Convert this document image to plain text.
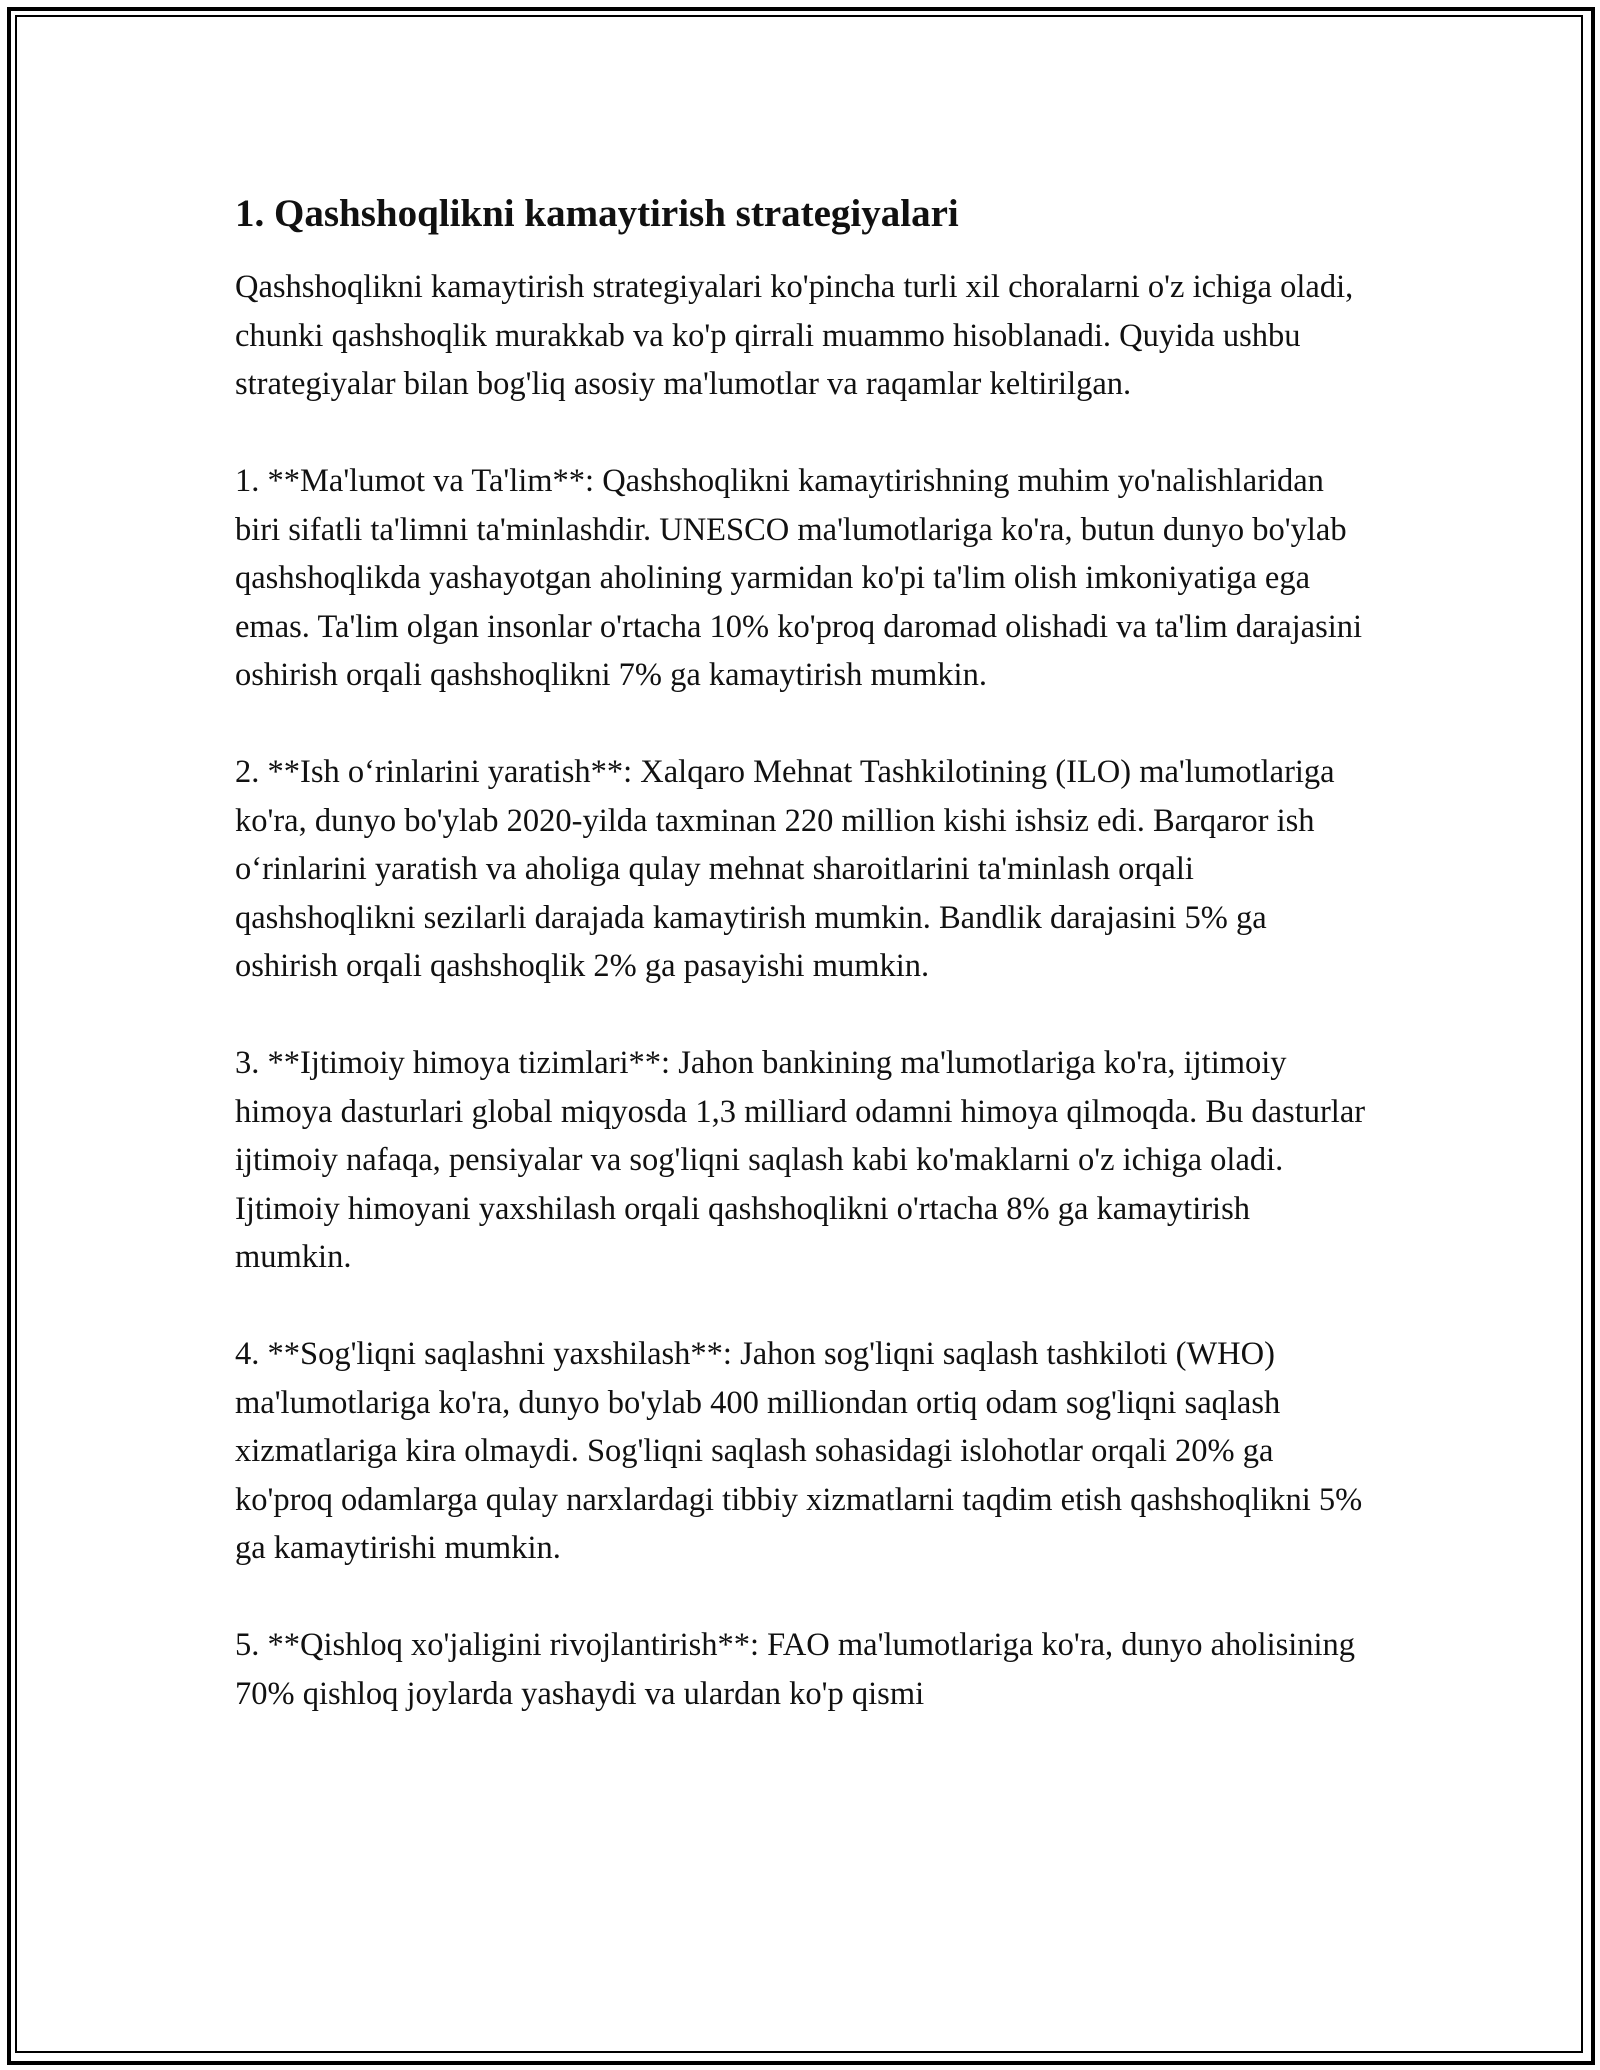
1. Qashshoqlikni kamaytirish strategiyalari

Qashshoqlikni kamaytirish strategiyalari ko'pincha turli xil choralarni o'z ichiga oladi, chunki qashshoqlik murakkab va ko'p qirrali muammo hisoblanadi. Quyida ushbu strategiyalar bilan bog'liq asosiy ma'lumotlar va raqamlar keltirilgan.

1. **Ma'lumot va Ta'lim**: Qashshoqlikni kamaytirishning muhim yo'nalishlaridan biri sifatli ta'limni ta'minlashdir. UNESCO ma'lumotlariga ko'ra, butun dunyo bo'ylab qashshoqlikda yashayotgan aholining yarmidan ko'pi ta'lim olish imkoniyatiga ega emas. Ta'lim olgan insonlar o'rtacha 10% ko'proq daromad olishadi va ta'lim darajasini oshirish orqali qashshoqlikni 7% ga kamaytirish mumkin.

2. **Ish o‘rinlarini yaratish**: Xalqaro Mehnat Tashkilotining (ILO) ma'lumotlariga ko'ra, dunyo bo'ylab 2020-yilda taxminan 220 million kishi ishsiz edi. Barqaror ish o‘rinlarini yaratish va aholiga qulay mehnat sharoitlarini ta'minlash orqali qashshoqlikni sezilarli darajada kamaytirish mumkin. Bandlik darajasini 5% ga oshirish orqali qashshoqlik 2% ga pasayishi mumkin.

3. **Ijtimoiy himoya tizimlari**: Jahon bankining ma'lumotlariga ko'ra, ijtimoiy himoya dasturlari global miqyosda 1,3 milliard odamni himoya qilmoqda. Bu dasturlar ijtimoiy nafaqa, pensiyalar va sog'liqni saqlash kabi ko'maklarni o'z ichiga oladi. Ijtimoiy himoyani yaxshilash orqali qashshoqlikni o'rtacha 8% ga kamaytirish mumkin.

4. **Sog'liqni saqlashni yaxshilash**: Jahon sog'liqni saqlash tashkiloti (WHO) ma'lumotlariga ko'ra, dunyo bo'ylab 400 milliondan ortiq odam sog'liqni saqlash xizmatlariga kira olmaydi. Sog'liqni saqlash sohasidagi islohotlar orqali 20% ga ko'proq odamlarga qulay narxlardagi tibbiy xizmatlarni taqdim etish qashshoqlikni 5% ga kamaytirishi mumkin.

5. **Qishloq xo'jaligini rivojlantirish**: FAO ma'lumotlariga ko'ra, dunyo aholisining 70% qishloq joylarda yashaydi va ulardan ko'p qismi
